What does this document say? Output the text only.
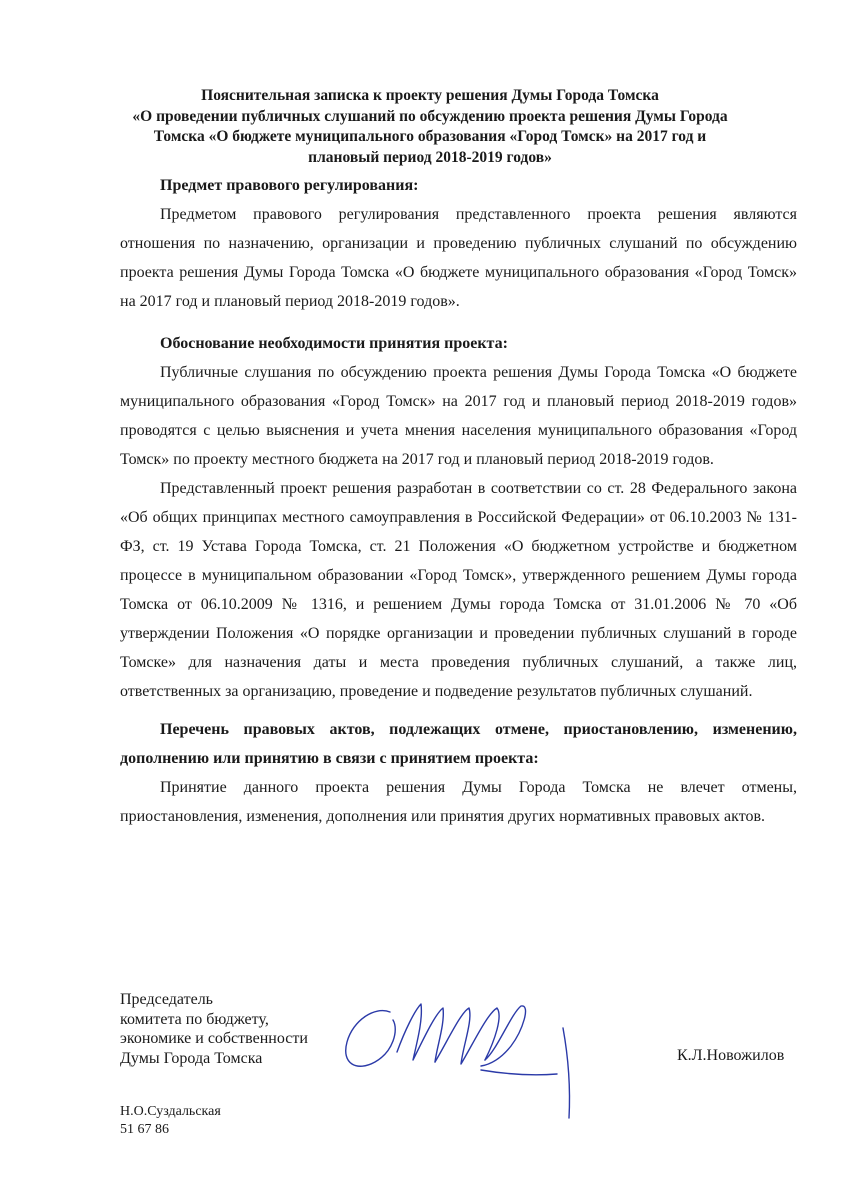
Пояснительная записка к проекту решения Думы Города Томска
«О проведении публичных слушаний по обсуждению проекта решения Думы Города
Томска «О бюджете муниципального образования «Город Томск» на 2017 год и
плановый период 2018-2019 годов»
Предмет правового регулирования:
Предметом правового регулирования представленного проекта решения являются отношения по назначению, организации и проведению публичных слушаний по обсуждению проекта решения Думы Города Томска «О бюджете муниципального образования «Город Томск» на 2017 год и плановый период 2018-2019 годов».
Обоснование необходимости принятия проекта:
Публичные слушания по обсуждению проекта решения Думы Города Томска «О бюджете муниципального образования «Город Томск» на 2017 год и плановый период 2018-2019 годов» проводятся с целью выяснения и учета мнения населения муниципального образования «Город Томск» по проекту местного бюджета на 2017 год и плановый период 2018-2019 годов.
Представленный проект решения разработан в соответствии со ст. 28 Федерального закона «Об общих принципах местного самоуправления в Российской Федерации» от 06.10.2003 № 131-ФЗ, ст. 19 Устава Города Томска, ст. 21 Положения «О бюджетном устройстве и бюджетном процессе в муниципальном образовании «Город Томск», утвержденного решением Думы города Томска от 06.10.2009 № 1316, и решением Думы города Томска от 31.01.2006 № 70 «Об утверждении Положения «О порядке организации и проведении публичных слушаний в городе Томске» для назначения даты и места проведения публичных слушаний, а также лиц, ответственных за организацию, проведение и подведение результатов публичных слушаний.
Перечень правовых актов, подлежащих отмене, приостановлению, изменению, дополнению или принятию в связи с принятием проекта:
Принятие данного проекта решения Думы Города Томска не влечет отмены, приостановления, изменения, дополнения или принятия других нормативных правовых актов.
Председатель
комитета по бюджету,
экономике и собственности
Думы Города Томска	К.Л.Новожилов
Н.О.Суздальская
51 67 86
